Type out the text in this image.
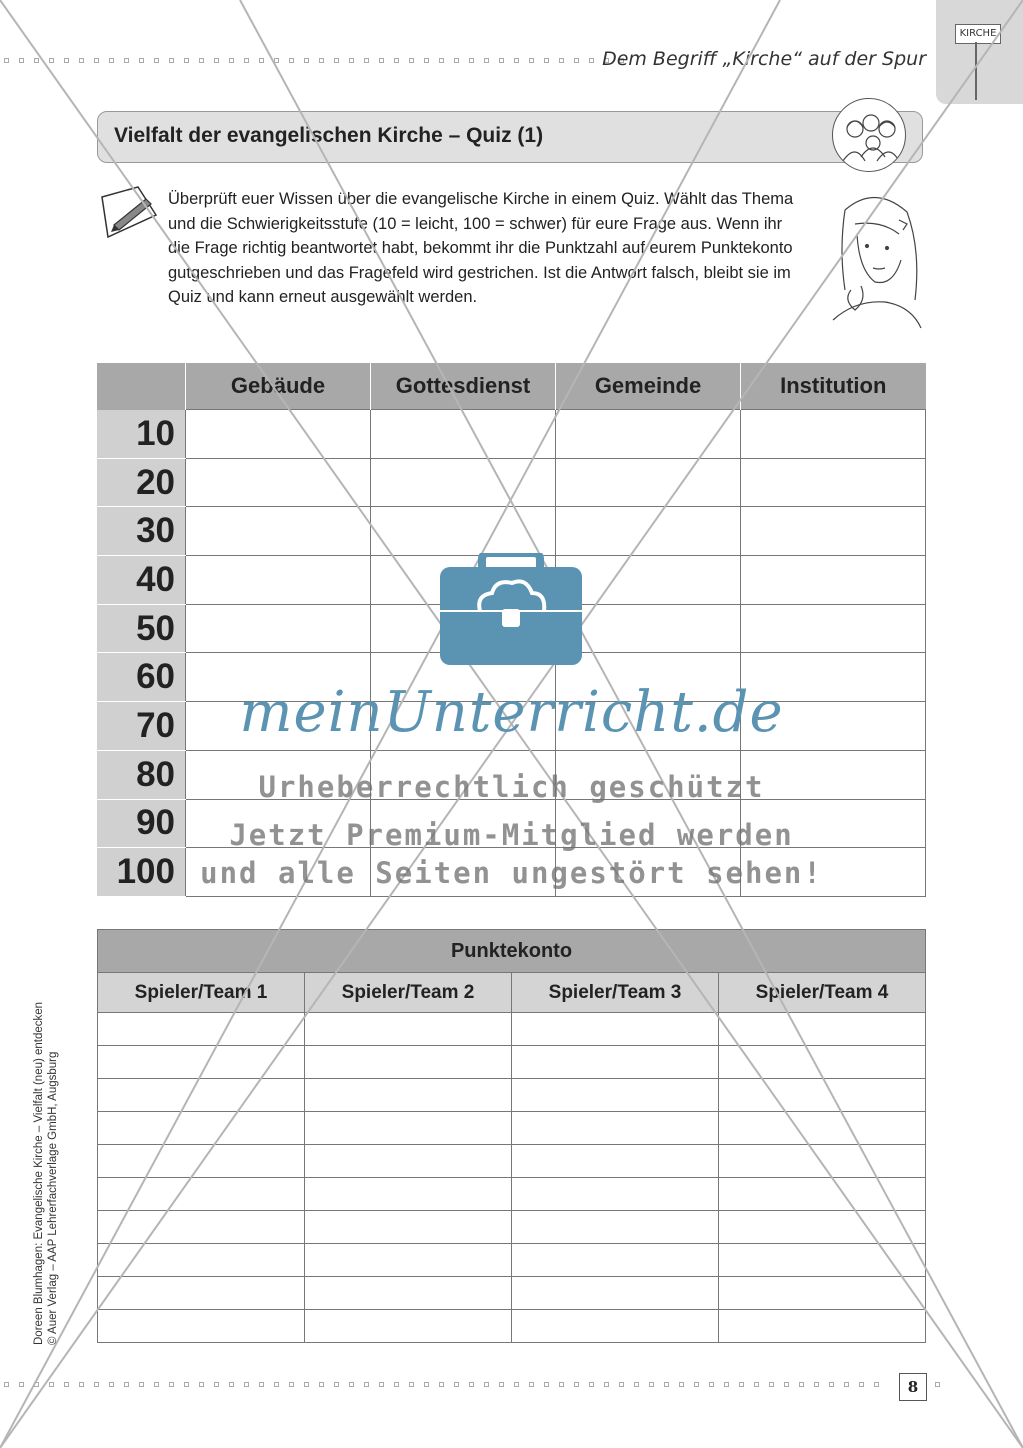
KIRCHE
Dem Begriff „Kirche“ auf der Spur
Vielfalt der evangelischen Kirche – Quiz (1)
Überprüft euer Wissen über die evangelische Kirche in einem Quiz. Wählt das Thema und die Schwierigkeitsstufe (10 = leicht, 100 = schwer) für eure Frage aus. Wenn ihr die Frage richtig beantwortet habt, bekommt ihr die Punktzahl auf eurem Punktekonto gutgeschrieben und das Fragefeld wird gestrichen. Ist die Antwort falsch, bleibt sie im Quiz und kann erneut ausgewählt werden.
	Gebäude	Gottesdienst	Gemeinde	Institution
10				
20				
30				
40				
50				
60				
70				
80				
90				
100				
Punktekonto			
Spieler/Team 1	Spieler/Team 2	Spieler/Team 3	Spieler/Team 4

Doreen Blumhagen: Evangelische Kirche – Vielfalt (neu) entdecken © Auer Verlag – AAP Lehrerfachverlage GmbH, Augsburg
8
meinUnterricht.de
Urheberrechtlich geschützt
Jetzt Premium-Mitglied werden
und alle Seiten ungestört sehen!
